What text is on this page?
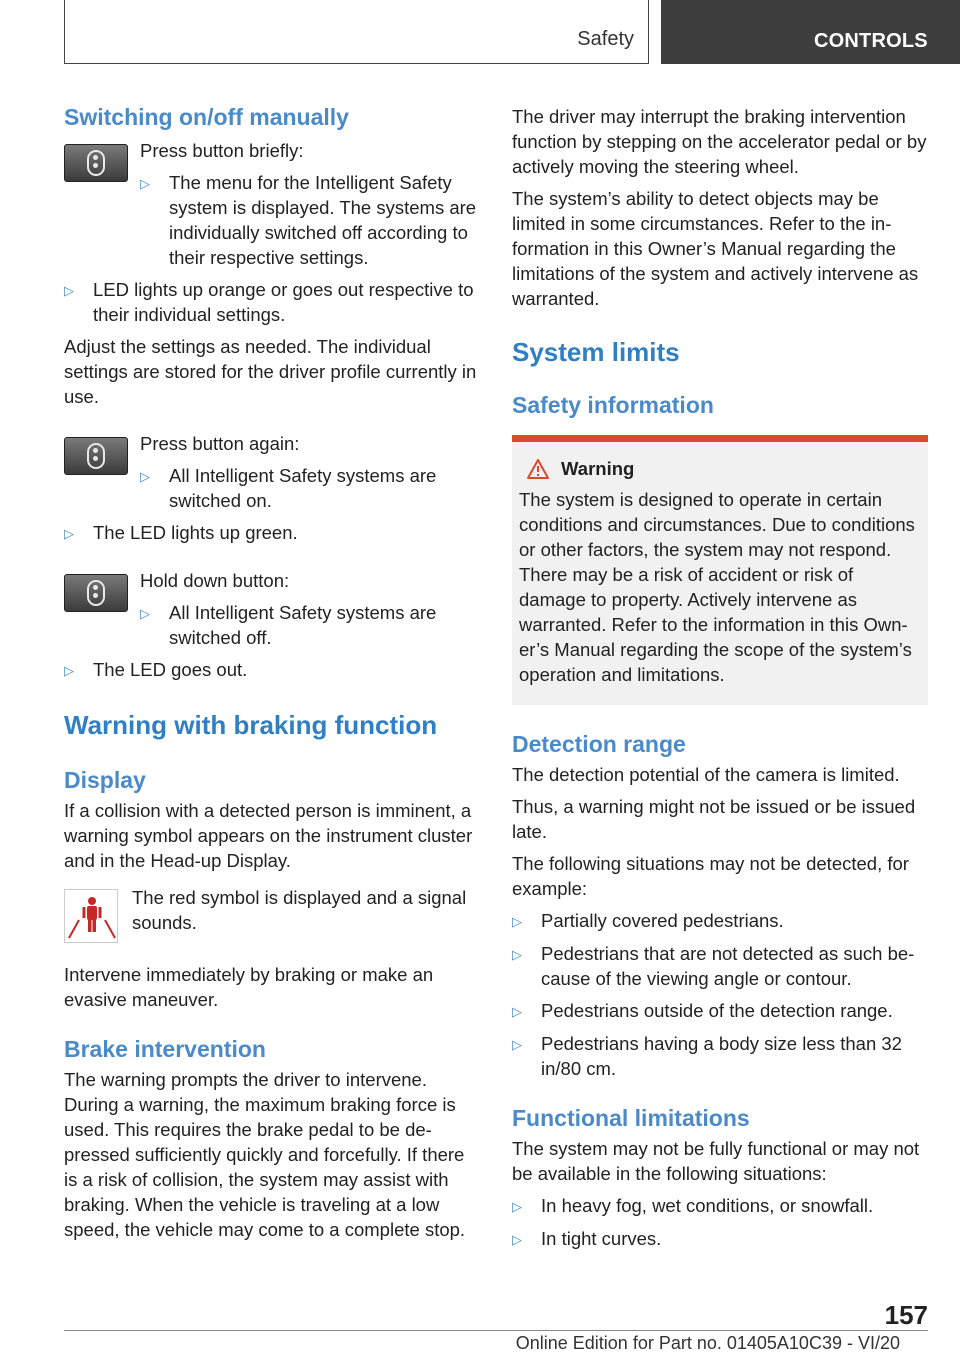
Safety	CONTROLS
Switching on/off manually

Press button briefly:

▷	The menu for the Intelligent Safety system is displayed. The systems are individually switched off according to their respective settings.
▷	LED lights up orange or goes out respective to their individual settings.

Adjust the settings as needed. The individual settings are stored for the driver profile currently in use.

Press button again:

▷	All Intelligent Safety systems are switched on.
▷	The LED lights up green.

Hold down button:

▷	All Intelligent Safety systems are switched off.
▷	The LED goes out.
Warning with braking function
Display

If a collision with a detected person is imminent, a warning symbol appears on the instrument cluster and in the Head-up Display.

The red symbol is displayed and a signal sounds.

Intervene immediately by braking or make an evasive maneuver.

Brake intervention

The warning prompts the driver to intervene. During a warning, the maximum braking force is used. This requires the brake pedal to be depressed sufficiently quickly and forcefully. If there is a risk of collision, the system may assist with braking. When the vehicle is traveling at a low speed, the vehicle may come to a complete stop.

The driver may interrupt the braking intervention function by stepping on the accelerator pedal or by actively moving the steering wheel.

The system’s ability to detect objects may be limited in some circumstances. Refer to the information in this Owner’s Manual regarding the limitations of the system and actively intervene as warranted.

System limits
Safety information
Warning

The system is designed to operate in certain conditions and circumstances. Due to conditions or other factors, the system may not respond. There may be a risk of accident or risk of damage to property. Actively intervene as warranted. Refer to the information in this Owner’s Manual regarding the scope of the system’s operation and limitations.

Detection range

The detection potential of the camera is limited.

Thus, a warning might not be issued or be issued late.

The following situations may not be detected, for example:

▷	Partially covered pedestrians.
▷	Pedestrians that are not detected as such because of the viewing angle or contour.
▷	Pedestrians outside of the detection range.
▷	Pedestrians having a body size less than 32 in/80 cm.
Functional limitations

The system may not be fully functional or may not be available in the following situations:

▷	In heavy fog, wet conditions, or snowfall.
▷	In tight curves.
157
Online Edition for Part no. 01405A10C39 - VI/20
